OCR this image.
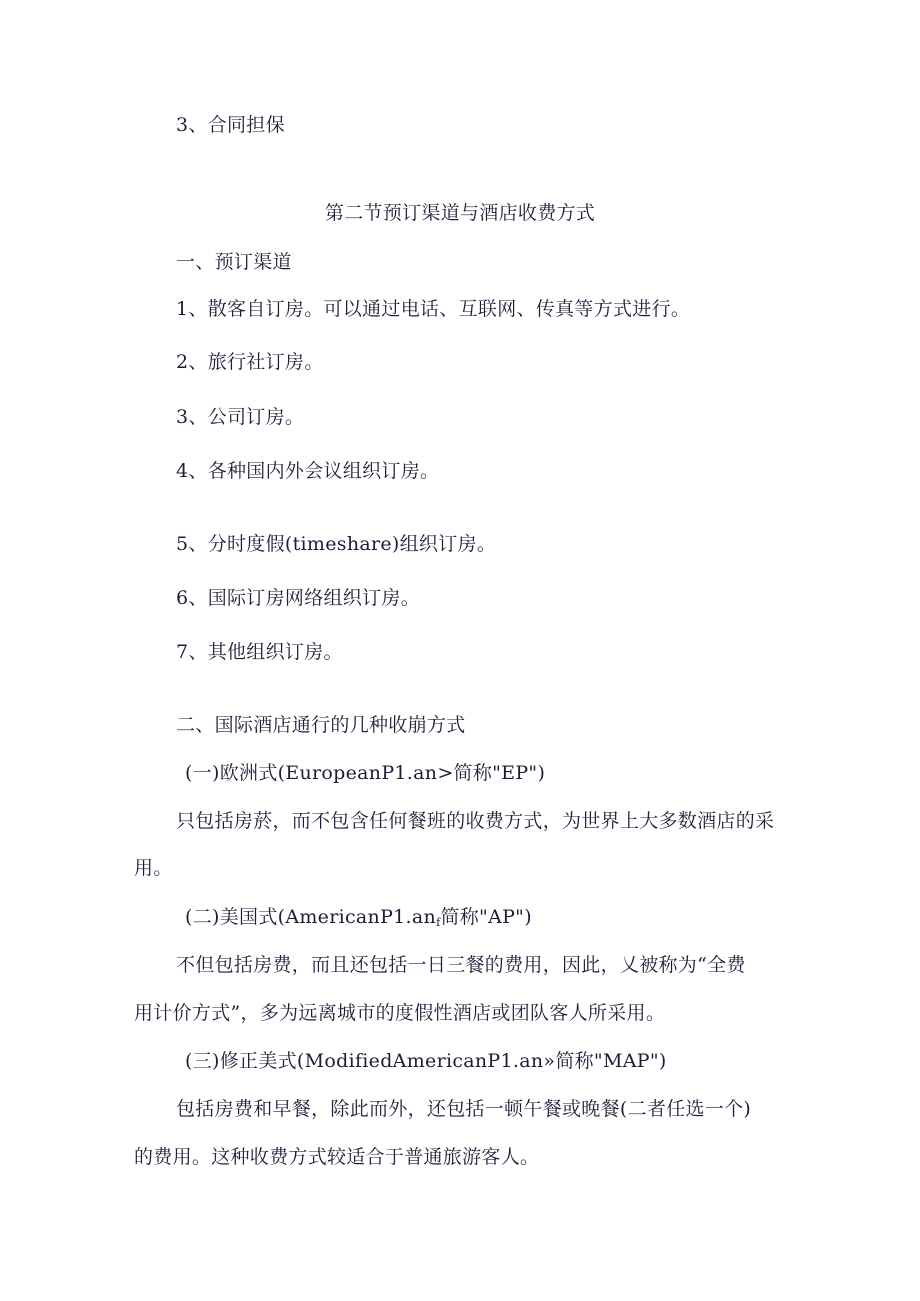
3、合同担保
第二节预订渠道与酒店收费方式
一、预订渠道
1、散客自订房。可以通过电话、互联网、传真等方式进行。
2、旅行社订房。
3、公司订房。
4、各种国内外会议组织订房。
5、分时度假(timeshare)组织订房。
6、国际订房网络组织订房。
7、其他组织订房。
二、国际酒店通行的几种收崩方式
(一)欧洲式(EuropeanP1.an>简称"EP")
只包括房菸，而不包含任何餐班的收费方式，为世界上大多数酒店的采
用。
(二)美国式($AmericanP1.an_f$简称"AP")
不但包括房费，而且还包括一日三餐的费用，因此，乂被称为“全费
用计价方式”，多为远离城市的度假性酒店或团队客人所采用。
(三)修正美式(ModifiedAmericanP1.an»简称"MAP")
包括房费和早餐，除此而外，还包括一顿午餐或晚餐(二者任选一个)
的费用。这种收费方式较适合于普通旅游客人。
